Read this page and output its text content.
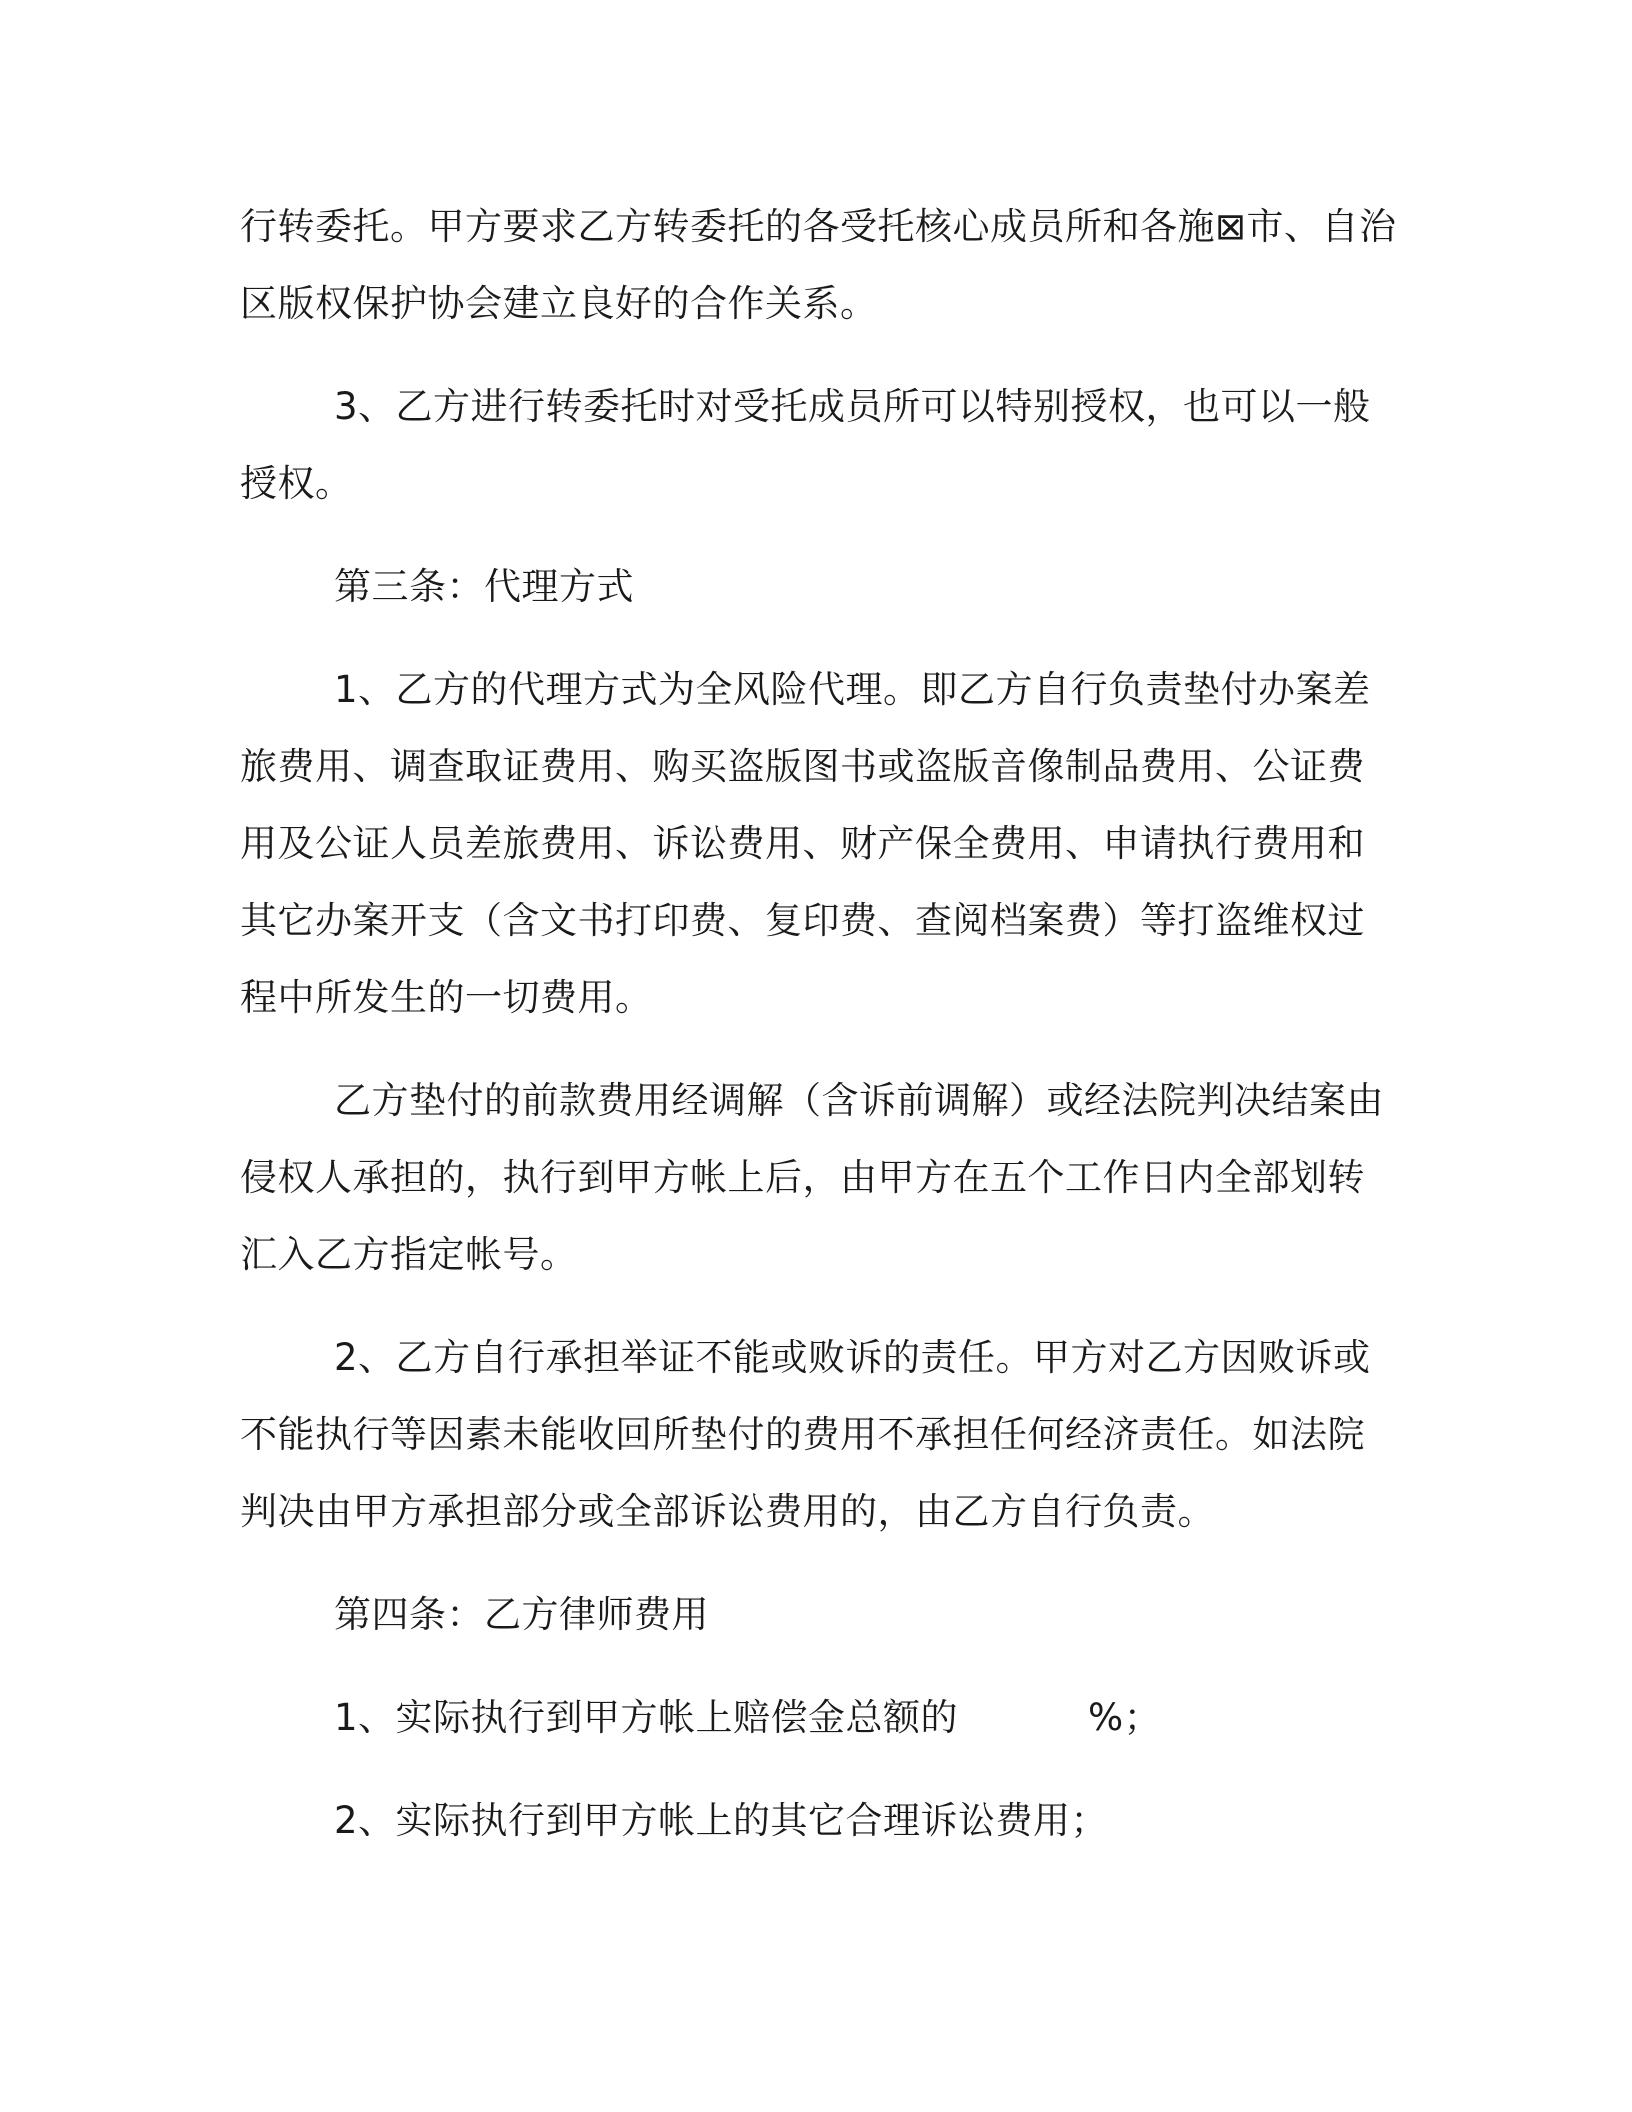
行转委托。甲方要求乙方转委托的各受托核心成员所和各施⊠市、自治
区版权保护协会建立良好的合作关系。
3、乙方进行转委托时对受托成员所可以特别授权，也可以一般
授权。
第三条：代理方式
1、乙方的代理方式为全风险代理。即乙方自行负责垫付办案差
旅费用、调查取证费用、购买盗版图书或盗版音像制品费用、公证费
用及公证人员差旅费用、诉讼费用、财产保全费用、申请执行费用和
其它办案开支（含文书打印费、复印费、查阅档案费）等打盗维权过
程中所发生的一切费用。
乙方垫付的前款费用经调解（含诉前调解）或经法院判决结案由
侵权人承担的，执行到甲方帐上后，由甲方在五个工作日内全部划转
汇入乙方指定帐号。
2、乙方自行承担举证不能或败诉的责任。甲方对乙方因败诉或
不能执行等因素未能收回所垫付的费用不承担任何经济责任。如法院
判决由甲方承担部分或全部诉讼费用的，由乙方自行负责。
第四条：乙方律师费用
1、实际执行到甲方帐上赔偿金总额的	%；
2、实际执行到甲方帐上的其它合理诉讼费用；
